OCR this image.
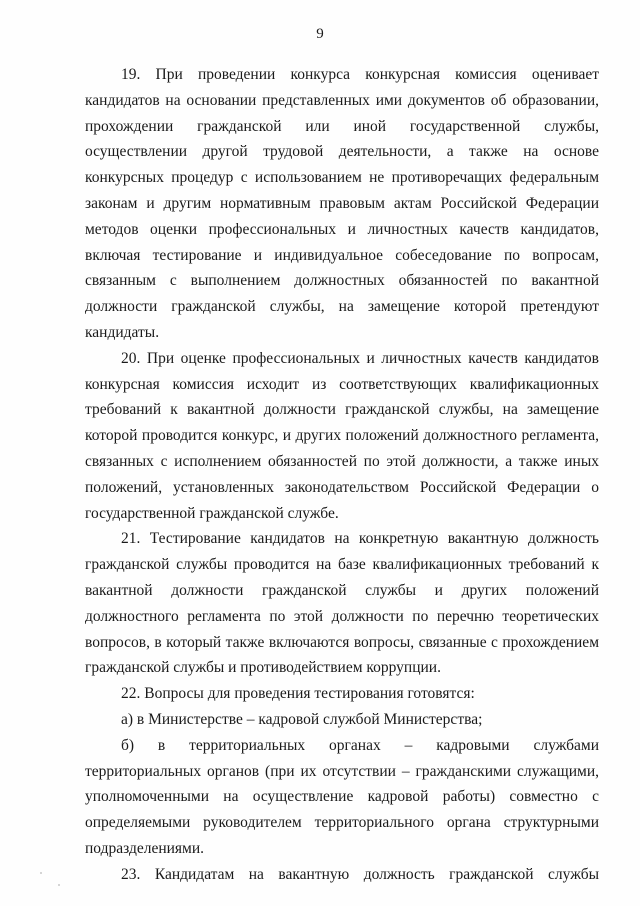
9

19. При проведении конкурса конкурсная комиссия оценивает кандидатов на основании представленных ими документов об образовании, прохождении гражданской или иной государственной службы, осуществлении другой трудовой деятельности, а также на основе конкурсных процедур с использованием не противоречащих федеральным законам и другим нормативным правовым актам Российской Федерации методов оценки профессиональных и личностных качеств кандидатов, включая тестирование и индивидуальное собеседование по вопросам, связанным с выполнением должностных обязанностей по вакантной должности гражданской службы, на замещение которой претендуют кандидаты.

20. При оценке профессиональных и личностных качеств кандидатов конкурсная комиссия исходит из соответствующих квалификационных требований к вакантной должности гражданской службы, на замещение которой проводится конкурс, и других положений должностного регламента, связанных с исполнением обязанностей по этой должности, а также иных положений, установленных законодательством Российской Федерации о государственной гражданской службе.

21. Тестирование кандидатов на конкретную вакантную должность гражданской службы проводится на базе квалификационных требований к вакантной должности гражданской службы и других положений должностного регламента по этой должности по перечню теоретических вопросов, в который также включаются вопросы, связанные с прохождением гражданской службы и противодействием коррупции.

22. Вопросы для проведения тестирования готовятся:

а) в Министерстве – кадровой службой Министерства;

б) в территориальных органах – кадровыми службами территориальных органов (при их отсутствии – гражданскими служащими, уполномоченными на осуществление кадровой работы) совместно с определяемыми руководителем территориального органа структурными подразделениями.

23. Кандидатам на вакантную должность гражданской службы
